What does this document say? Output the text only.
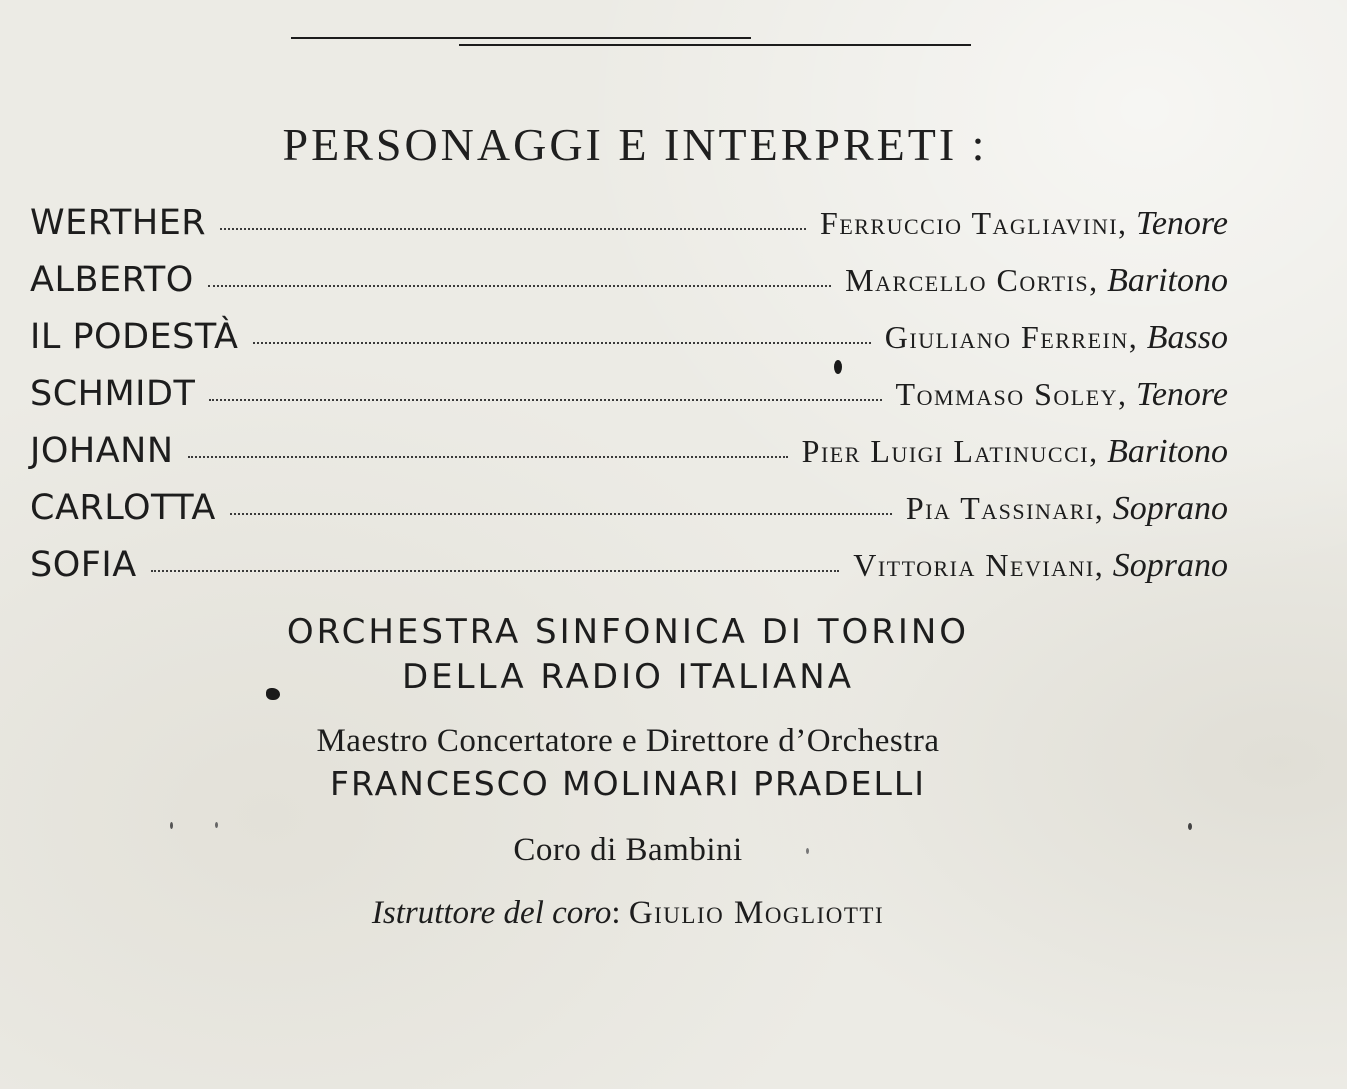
PERSONAGGI E INTERPRETI :
WERTHER	Ferruccio Tagliavini , Tenore
ALBERTO	Marcello Cortis , Baritono
IL PODESTÀ	Giuliano Ferrein , Basso
SCHMIDT	Tommaso Soley , Tenore
JOHANN	Pier Luigi Latinucci , Baritono
CARLOTTA	Pia Tassinari , Soprano
SOFIA	Vittoria Neviani , Soprano
ORCHESTRA SINFONICA DI TORINO
DELLA RADIO ITALIANA
Maestro Concertatore e Direttore d’Orchestra
FRANCESCO MOLINARI PRADELLI
Coro di Bambini
Istruttore del coro: Giulio Mogliotti
